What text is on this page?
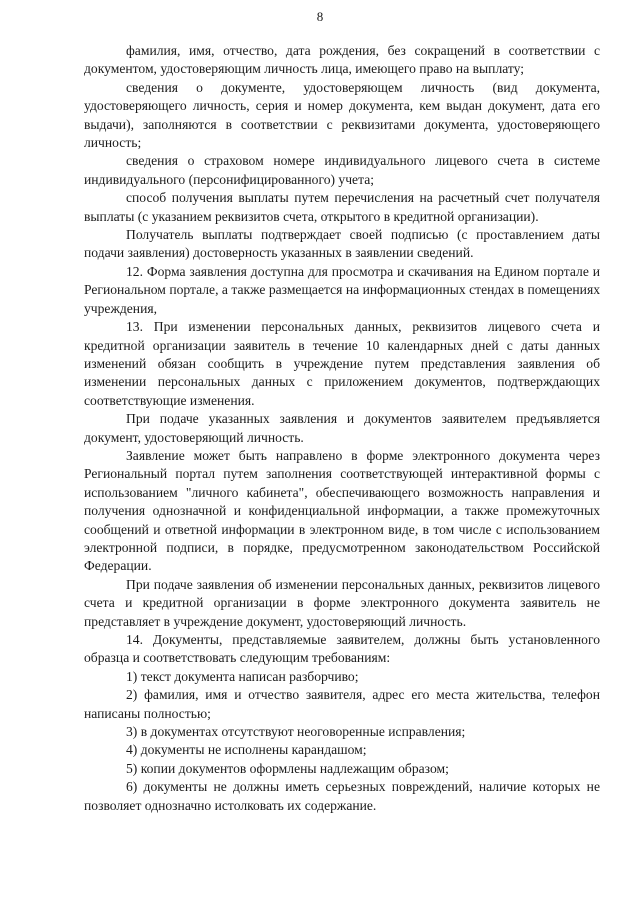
8

фамилия, имя, отчество, дата рождения, без сокращений в соответствии с документом, удостоверяющим личность лица, имеющего право на выплату;

сведения о документе, удостоверяющем личность (вид документа, удостоверяющего личность, серия и номер документа, кем выдан документ, дата его выдачи), заполняются в соответствии с реквизитами документа, удостоверяющего личность;

сведения о страховом номере индивидуального лицевого счета в системе индивидуального (персонифицированного) учета;

способ получения выплаты путем перечисления на расчетный счет получателя выплаты (с указанием реквизитов счета, открытого в кредитной организации).

Получатель выплаты подтверждает своей подписью (с проставлением даты подачи заявления) достоверность указанных в заявлении сведений.

12. Форма заявления доступна для просмотра и скачивания на Едином портале и Региональном портале, а также размещается на информационных стендах в помещениях учреждения,

13. При изменении персональных данных, реквизитов лицевого счета и кредитной организации заявитель в течение 10 календарных дней с даты данных изменений обязан сообщить в учреждение путем представления заявления об изменении персональных данных с приложением документов, подтверждающих соответствующие изменения.

При подаче указанных заявления и документов заявителем предъявляется документ, удостоверяющий личность.

Заявление может быть направлено в форме электронного документа через Региональный портал путем заполнения соответствующей интерактивной формы с использованием "личного кабинета", обеспечивающего возможность направления и получения однозначной и конфиденциальной информации, а также промежуточных сообщений и ответной информации в электронном виде, в том числе с использованием электронной подписи, в порядке, предусмотренном законодательством Российской Федерации.

При подаче заявления об изменении персональных данных, реквизитов лицевого счета и кредитной организации в форме электронного документа заявитель не представляет в учреждение документ, удостоверяющий личность.

14. Документы, представляемые заявителем, должны быть установленного образца и соответствовать следующим требованиям:

1) текст документа написан разборчиво;

2) фамилия, имя и отчество заявителя, адрес его места жительства, телефон написаны полностью;

3) в документах отсутствуют неоговоренные исправления;

4) документы не исполнены карандашом;

5) копии документов оформлены надлежащим образом;

6) документы не должны иметь серьезных повреждений, наличие которых не позволяет однозначно истолковать их содержание.
